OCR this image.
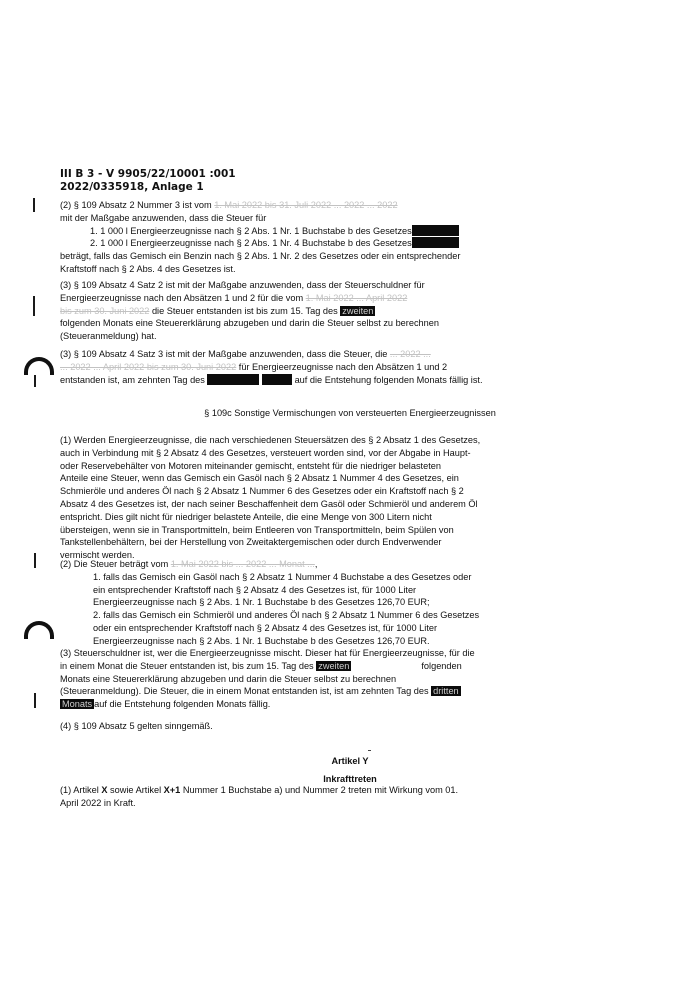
III B 3 - V 9905/22/10001 :001
2022/0335918, Anlage 1
(2) § 109 Absatz 2 Nummer 3 ist vom 1. Mai 2022 bis 31. Juli 2022 ... 2022 ... 2022
mit der Maßgabe anzuwenden, dass die Steuer für
1. 1 000 l Energieerzeugnisse nach § 2 Abs. 1 Nr. 1 Buchstabe b des Gesetzes
2. 1 000 l Energieerzeugnisse nach § 2 Abs. 1 Nr. 4 Buchstabe b des Gesetzes
beträgt, falls das Gemisch ein Benzin nach § 2 Abs. 1 Nr. 2 des Gesetzes oder ein entsprechender
Kraftstoff nach § 2 Abs. 4 des Gesetzes ist.
(3) § 109 Absatz 4 Satz 2 ist mit der Maßgabe anzuwenden, dass der Steuerschuldner für
Energieerzeugnisse nach den Absätzen 1 und 2 für die vom 1. Mai 2022 ... April 2022
bis zum 30. Juni 2022 die Steuer entstanden ist bis zum 15. Tag des zweiten
folgenden Monats eine Steuererklärung abzugeben und darin die Steuer selbst zu berechnen
(Steueranmeldung) hat.
(3) § 109 Absatz 4 Satz 3 ist mit der Maßgabe anzuwenden, dass die Steuer, die ... 2022 ...
... 2022 ... April 2022 bis zum 30. Juni 2022 für Energieerzeugnisse nach den Absätzen 1 und 2
entstanden ist, am zehnten Tag des	auf die Entstehung folgenden Monats fällig ist.
§ 109c Sonstige Vermischungen von versteuerten Energieerzeugnissen
(1) Werden Energieerzeugnisse, die nach verschiedenen Steuersätzen des § 2 Absatz 1 des Gesetzes,
auch in Verbindung mit § 2 Absatz 4 des Gesetzes, versteuert worden sind, vor der Abgabe in Haupt-
oder Reservebehälter von Motoren miteinander gemischt, entsteht für die niedriger belasteten
Anteile eine Steuer, wenn das Gemisch ein Gasöl nach § 2 Absatz 1 Nummer 4 des Gesetzes, ein
Schmieröle und anderes Öl nach § 2 Absatz 1 Nummer 6 des Gesetzes oder ein Kraftstoff nach § 2
Absatz 4 des Gesetzes ist, der nach seiner Beschaffenheit dem Gasöl oder Schmieröl und anderem Öl
entspricht. Dies gilt nicht für niedriger belastete Anteile, die eine Menge von 300 Litern nicht
übersteigen, wenn sie in Transportmitteln, beim Entleeren von Transportmitteln, beim Spülen von
Tankstellenbehältern, bei der Herstellung von Zweitaktergemischen oder durch Endverwender
vermischt werden.
(2) Die Steuer beträgt vom 1. Mai 2022 bis ... 2022 ... Monat ...,
1. falls das Gemisch ein Gasöl nach § 2 Absatz 1 Nummer 4 Buchstabe a des Gesetzes oder
ein entsprechender Kraftstoff nach § 2 Absatz 4 des Gesetzes ist, für 1000 Liter
Energieerzeugnisse nach § 2 Abs. 1 Nr. 1 Buchstabe b des Gesetzes 126,70 EUR;
2. falls das Gemisch ein Schmieröl und anderes Öl nach § 2 Absatz 1 Nummer 6 des Gesetzes
oder ein entsprechender Kraftstoff nach § 2 Absatz 4 des Gesetzes ist, für 1000 Liter
Energieerzeugnisse nach § 2 Abs. 1 Nr. 1 Buchstabe b des Gesetzes 126,70 EUR.
(3) Steuerschuldner ist, wer die Energieerzeugnisse mischt. Dieser hat für Energieerzeugnisse, für die
in einem Monat die Steuer entstanden ist, bis zum 15. Tag des zweiten	folgenden
Monats eine Steuererklärung abzugeben und darin die Steuer selbst zu berechnen
(Steueranmeldung). Die Steuer, die in einem Monat entstanden ist, ist am zehnten Tag des dritten
Monats auf die Entstehung folgenden Monats fällig.
(4) § 109 Absatz 5 gelten sinngemäß.
Artikel Y
Inkrafttreten
(1) Artikel X sowie Artikel X+1 Nummer 1 Buchstabe a) und Nummer 2 treten mit Wirkung vom 01.
April 2022 in Kraft.
